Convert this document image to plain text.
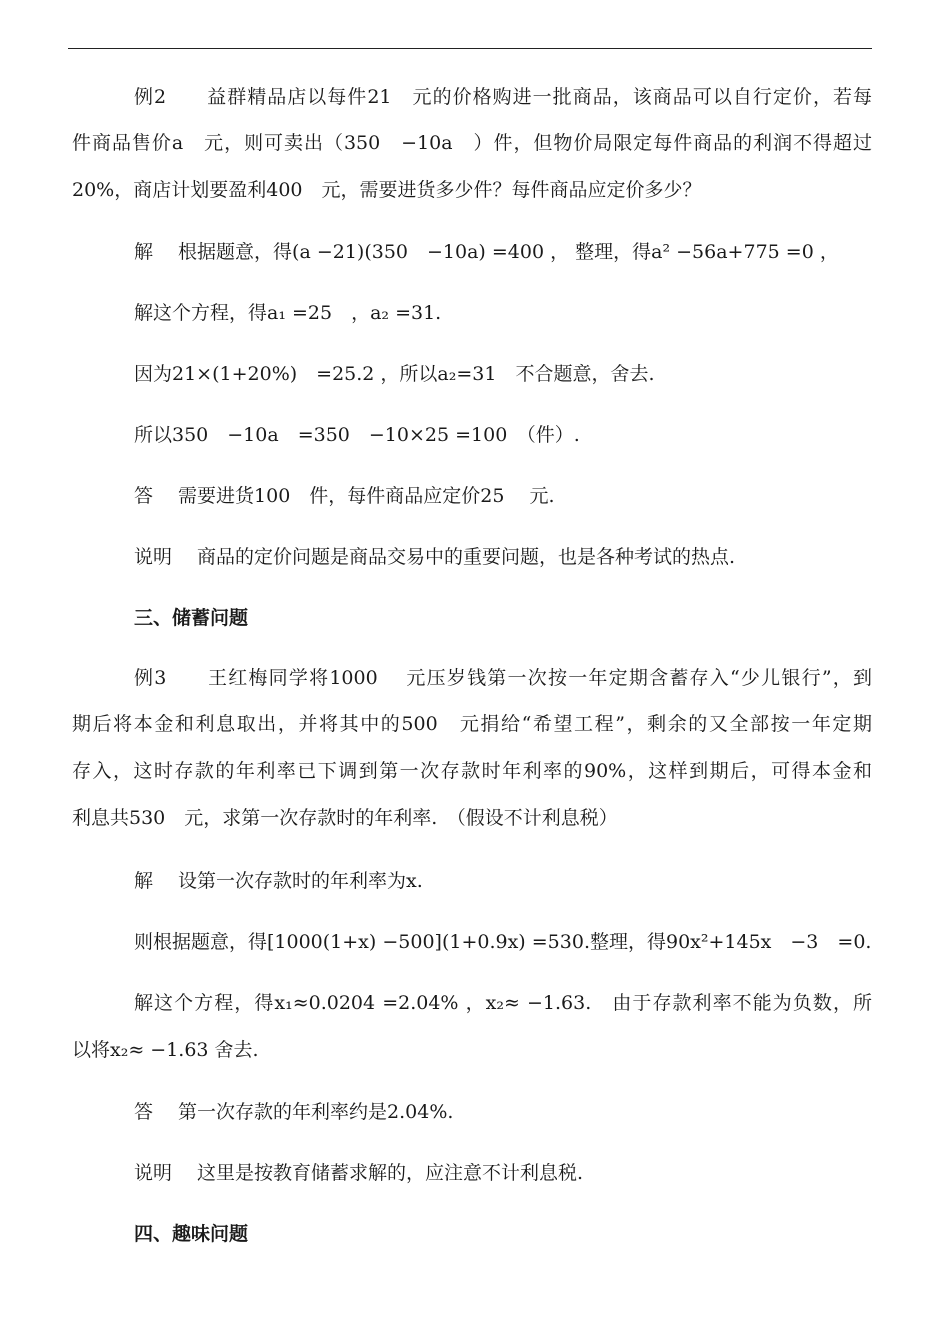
例2　　益群精品店以每件21　元的价格购进一批商品，该商品可以自行定价，若每
件商品售价a　元，则可卖出（350　−10a　）件，但物价局限定每件商品的利润不得超过
20%，商店计划要盈利400　元，需要进货多少件？每件商品应定价多少？
解　 根据题意，得(a −21)(350　−10a) =400 ， 整理，得a² −56a+775 =0 ，
解这个方程，得a₁ =25　，a₂ =31.
因为21×(1+20%)　=25.2 ，所以a₂=31　不合题意，舍去.
所以350　−10a　=350　−10×25 =100　（件）.
答　 需要进货100　件，每件商品应定价25　 元.
说明　 商品的定价问题是商品交易中的重要问题，也是各种考试的热点.
三、储蓄问题
例3　　王红梅同学将1000　 元压岁钱第一次按一年定期含蓄存入“少儿银行”，到
期后将本金和利息取出，并将其中的500　元捐给“希望工程”，剩余的又全部按一年定期
存入，这时存款的年利率已下调到第一次存款时年利率的90%，这样到期后，可得本金和
利息共530　元，求第一次存款时的年利率.　（假设不计利息税）
解　 设第一次存款时的年利率为x.
则根据题意，得[1000(1+x) −500](1+0.9x) =530.整理，得90x²+145x　−3　=0.
解这个方程，得x₁≈0.0204 =2.04% ，x₂≈ −1.63.　由于存款利率不能为负数，所
以将x₂≈ −1.63 舍去.
答　 第一次存款的年利率约是2.04%.
说明　 这里是按教育储蓄求解的，应注意不计利息税.
四、趣味问题
